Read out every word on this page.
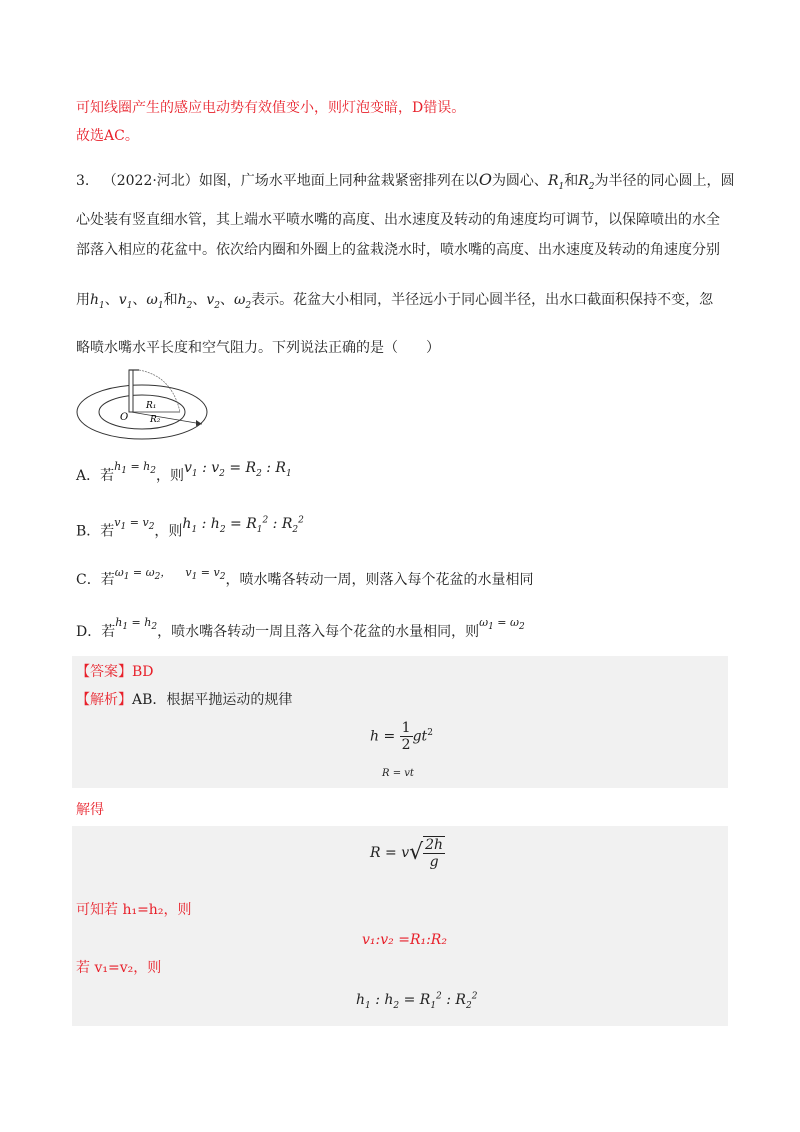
可知线圈产生的感应电动势有效值变小，则灯泡变暗，D错误。
故选AC。
3. （2022·河北）如图，广场水平地面上同种盆栽紧密排列在以O为圆心、$R_1$和$R_2$为半径的同心圆上，圆
心处装有竖直细水管，其上端水平喷水嘴的高度、出水速度及转动的角速度均可调节，以保障喷出的水全
部落入相应的花盆中。依次给内圈和外圈上的盆栽浇水时，喷水嘴的高度、出水速度及转动的角速度分别
用$h_1$、$v_1$、$\omega_1$和$h_2$、$v_2$、$\omega_2$表示。花盆大小相同，半径远小于同心圆半径，出水口截面积保持不变，忽
略喷水嘴水平长度和空气阻力。下列说法正确的是（　　）
O
R₁
R₂
A．若$^{h_1 = h_2}$，则$v_1$ : $v_2 = R_2$ : $R_1$
B．若$^{v_1 = v_2}$，则$h_1$ : $h_2 = R_1^2$ : $R_2^2$
C．若$^{\omega_1 = \omega_2, v_1 = v_2}$，喷水嘴各转动一周，则落入每个花盆的水量相同
D．若$^{h_1 = h_2}$，喷水嘴各转动一周且落入每个花盆的水量相同，则$^{\omega_1 = \omega_2}$
【答案】BD
【解析】AB．根据平抛运动的规律
$h = \frac{1}{2} gt^2$
R = vt
解得
$R = v√ \frac{2h}{g}$
可知若 h₁=h₂，则
v₁:v₂ =R₁:R₂
若 v₁=v₂，则
$h_1$ : $h_2 = R_1^2$ : $R_2^2$
